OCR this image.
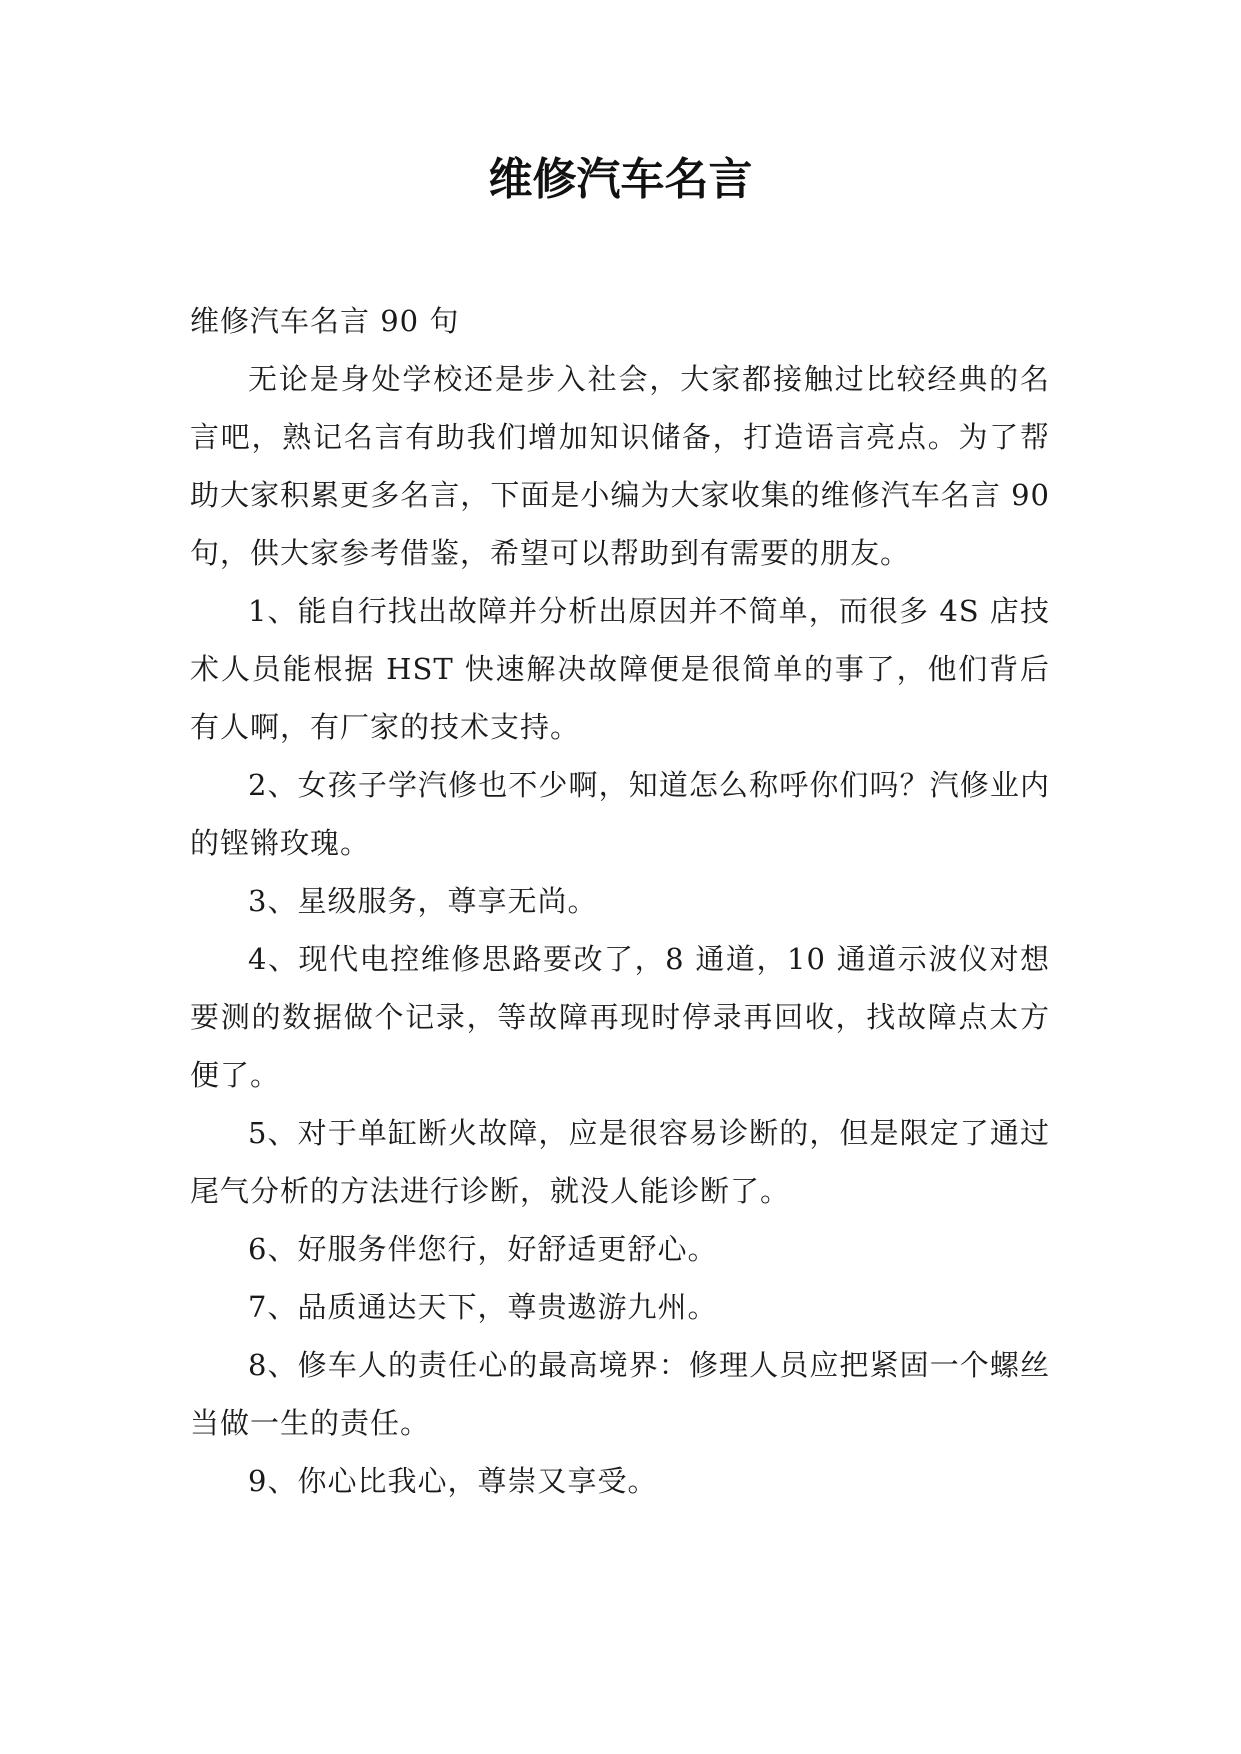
维修汽车名言

维修汽车名言 90 句

无论是身处学校还是步入社会，大家都接触过比较经典的名言吧，熟记名言有助我们增加知识储备，打造语言亮点。为了帮助大家积累更多名言，下面是小编为大家收集的维修汽车名言 90 句，供大家参考借鉴，希望可以帮助到有需要的朋友。

1、能自行找出故障并分析出原因并不简单，而很多 4S 店技术人员能根据 HST 快速解决故障便是很简单的事了，他们背后有人啊，有厂家的技术支持。

2、女孩子学汽修也不少啊，知道怎么称呼你们吗？汽修业内的铿锵玫瑰。

3、星级服务，尊享无尚。

4、现代电控维修思路要改了，8 通道，10 通道示波仪对想要测的数据做个记录，等故障再现时停录再回收，找故障点太方便了。

5、对于单缸断火故障，应是很容易诊断的，但是限定了通过尾气分析的方法进行诊断，就没人能诊断了。

6、好服务伴您行，好舒适更舒心。

7、品质通达天下，尊贵遨游九州。

8、修车人的责任心的最高境界：修理人员应把紧固一个螺丝当做一生的责任。

9、你心比我心，尊崇又享受。
